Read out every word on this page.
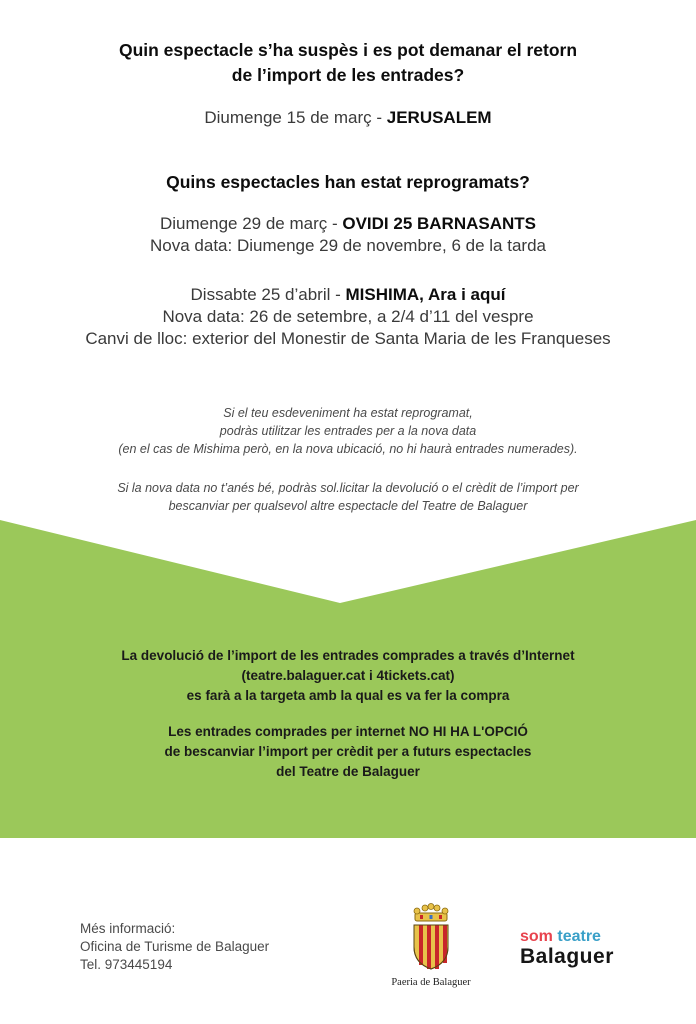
Quin espectacle s’ha suspès i es pot demanar el retorn
de l’import de les entrades?
Diumenge 15 de març - JERUSALEM
Quins espectacles han estat reprogramats?
Diumenge 29 de març - OVIDI 25 BARNASANTS
Nova data: Diumenge 29 de novembre, 6 de la tarda
Dissabte 25 d’abril - MISHIMA, Ara i aquí
Nova data: 26 de setembre, a 2/4 d’11 del vespre
Canvi de lloc: exterior del Monestir de Santa Maria de les Franqueses
Si el teu esdeveniment ha estat reprogramat,
podràs utilitzar les entrades per a la nova data
(en el cas de Mishima però, en la nova ubicació, no hi haurà entrades numerades).
Si la nova data no t’anés bé, podràs sol.licitar la devolució o el crèdit de l’import per
bescanviar per qualsevol altre espectacle del Teatre de Balaguer
La devolució de l’import de les entrades comprades a través d’Internet
(teatre.balaguer.cat i 4tickets.cat)
es farà a la targeta amb la qual es va fer la compra
Les entrades comprades per internet NO HI HA L'OPCIÓ
de bescanviar l’import per crèdit per a futurs espectacles
del Teatre de Balaguer
Més informació:
Oficina de Turisme de Balaguer
Tel. 973445194
Paeria de Balaguer
som teatre
Balaguer
